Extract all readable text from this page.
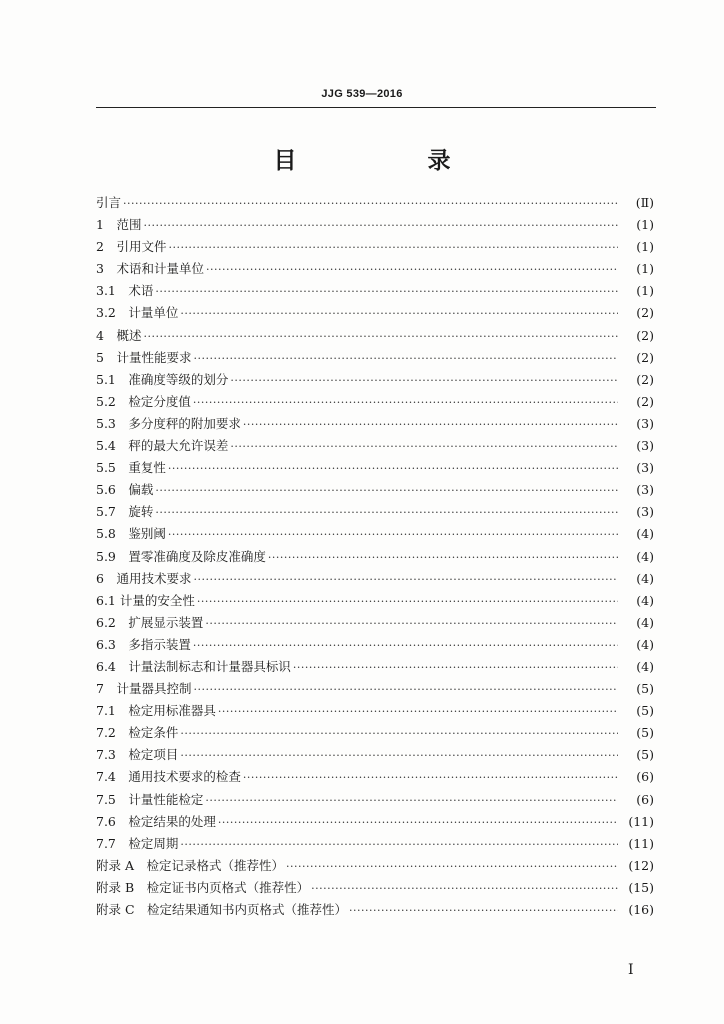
JJG 539—2016
目　录
引言 ·····	(Ⅱ)
1　范围 ·····	(1)
2　引用文件 ·····	(1)
3　术语和计量单位 ·····	(1)
3.1　术语 ·····	(1)
3.2　计量单位 ·····	(2)
4　概述 ·····	(2)
5　计量性能要求 ·····	(2)
5.1　准确度等级的划分 ·····	(2)
5.2　检定分度值 ·····	(2)
5.3　多分度秤的附加要求 ·····	(3)
5.4　秤的最大允许误差 ·····	(3)
5.5　重复性 ·····	(3)
5.6　偏载 ·····	(3)
5.7　旋转 ·····	(3)
5.8　鉴别阈 ·····	(4)
5.9　置零准确度及除皮准确度 ·····	(4)
6　通用技术要求 ·····	(4)
6.1 计量的安全性 ·····	(4)
6.2　扩展显示装置 ·····	(4)
6.3　多指示装置 ·····	(4)
6.4　计量法制标志和计量器具标识 ·····	(4)
7　计量器具控制 ·····	(5)
7.1　检定用标准器具 ·····	(5)
7.2　检定条件 ·····	(5)
7.3　检定项目 ·····	(5)
7.4　通用技术要求的检查 ·····	(6)
7.5　计量性能检定 ·····	(6)
7.6　检定结果的处理 ·····	(11)
7.7　检定周期 ·····	(11)
附录 A　检定记录格式（推荐性） ·····	(12)
附录 B　检定证书内页格式（推荐性） ·····	(15)
附录 C　检定结果通知书内页格式（推荐性） ·····	(16)
I
